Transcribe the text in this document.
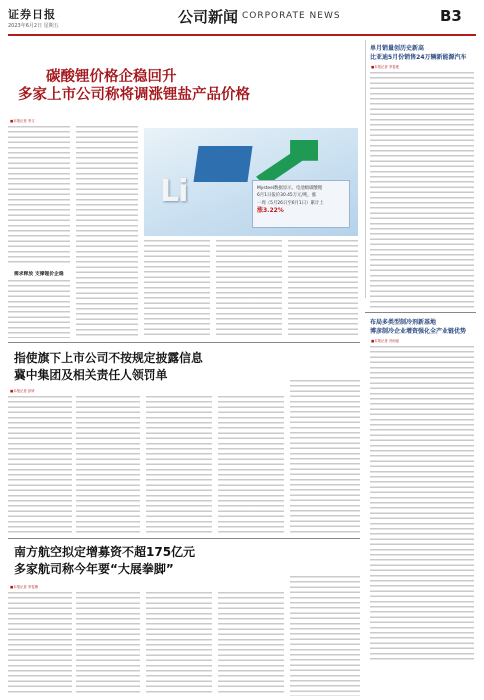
证券日报
2023年6月2日 星期五	公司新闻 CORPORATE NEWS	B3
碳酸锂价格企稳回升
多家上市公司称将调涨锂盐产品价格
■本报记者 李文
需求释放 支撑锂价企稳
Li	Mysteel数据显示，电池级碳酸锂
6月1日报价30.45万元/吨，涨
一周（5月26日至6月1日）累计上
涨3.22%
单月销量创历史新高
比亚迪5月份销售24万辆新能源汽车
■本报记者 李春莲
布局多类型制冷剂新基地
博彦制冷企业增资强化全产业链优势
■本报记者 冯雨瑶
指使旗下上市公司不按规定披露信息
冀中集团及相关责任人领罚单
■本报记者 彭妍
南方航空拟定增募资不超175亿元
多家航司称今年要“大展拳脚”
■本报记者 李雯珊
